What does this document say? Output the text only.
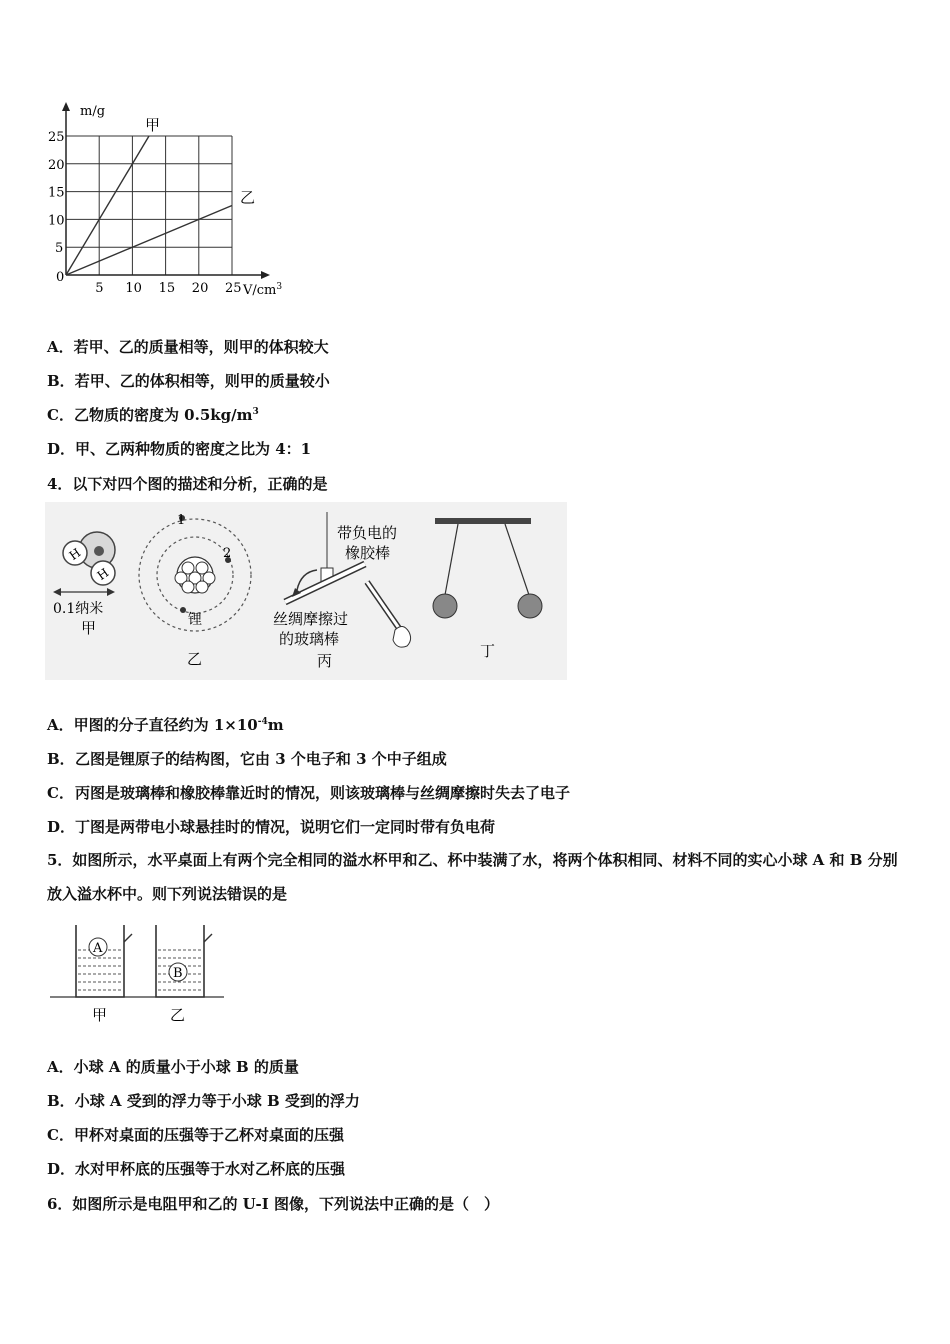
甲
乙
5
5
10
10
15
15
20
20
25
25
m/g
$V/cm^3$
0
A．若甲、乙的质量相等，则甲的体积较大
B．若甲、乙的体积相等，则甲的质量较小
C．乙物质的密度为 $0.5kg/m^3$
D．甲、乙两种物质的密度之比为 4：1
4．以下对四个图的描述和分析，正确的是
H
H
0.1纳米
甲
1
2
锂
乙
带负电的
橡胶棒
丝绸摩擦过
的玻璃棒
丙
丁
A．甲图的分子直径约为 $1\times 10^{-4}m$
B． 乙图是锂原子的结构图，它由 3 个电子和 3 个中子组成
C． 丙图是玻璃棒和橡胶棒靠近时的情况，则该玻璃棒与丝绸摩擦时失去了电子
D． 丁图是两带电小球悬挂时的情况，说明它们一定同时带有负电荷
5．如图所示，水平桌面上有两个完全相同的溢水杯甲和乙、杯中装满了水，将两个体积相同、材料不同的实心小球 A 和 B 分别放入溢水杯中。则下列说法错误的是
A
B
甲	乙
A．小球 A 的质量小于小球 B 的质量
B．小球 A 受到的浮力等于小球 B 受到的浮力
C．甲杯对桌面的压强等于乙杯对桌面的压强
D．水对甲杯底的压强等于水对乙杯底的压强
6．如图所示是电阻甲和乙的 U-I 图像，下列说法中正确的是（　）
